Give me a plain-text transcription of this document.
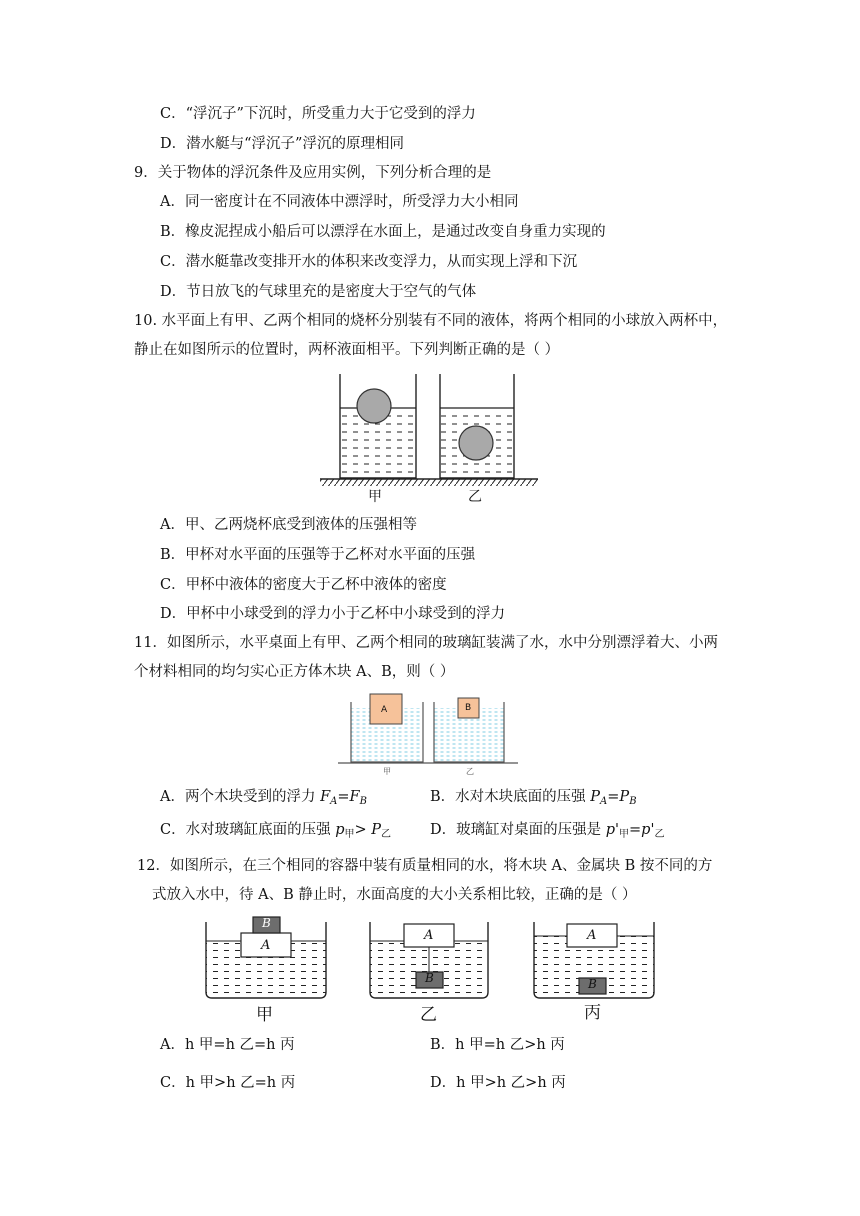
C．“浮沉子”下沉时，所受重力大于它受到的浮力
D．潜水艇与“浮沉子”浮沉的原理相同
9．关于物体的浮沉条件及应用实例，下列分析合理的是
A．同一密度计在不同液体中漂浮时，所受浮力大小相同
B．橡皮泥捏成小船后可以漂浮在水面上，是通过改变自身重力实现的
C．潜水艇靠改变排开水的体积来改变浮力，从而实现上浮和下沉
D．节日放飞的气球里充的是密度大于空气的气体
10. 水平面上有甲、乙两个相同的烧杯分别装有不同的液体，将两个相同的小球放入两杯中，
静止在如图所示的位置时，两杯液面相平。下列判断正确的是（ ）
甲	乙
A．甲、乙两烧杯底受到液体的压强相等
B．甲杯对水平面的压强等于乙杯对水平面的压强
C．甲杯中液体的密度大于乙杯中液体的密度
D．甲杯中小球受到的浮力小于乙杯中小球受到的浮力
11．如图所示，水平桌面上有甲、乙两个相同的玻璃缸装满了水，水中分别漂浮着大、小两
个材料相同的均匀实心正方体木块 A、B，则（ ）
A	B
甲	乙
A．两个木块受到的浮力 $F_A=F_B$	B．水对木块底面的压强 $P_A=P_B$
C．水对玻璃缸底面的压强 $p_甲> P_乙$	D．玻璃缸对桌面的压强是 $p'_甲=p'_乙$
12．如图所示，在三个相同的容器中装有质量相同的水，将木块 A、金属块 B 按不同的方
式放入水中，待 A、B 静止时，水面高度的大小关系相比较，正确的是（ ）
A
B
A
B
A
B
甲	乙	丙
A．h 甲=h 乙=h 丙	B．h 甲=h 乙>h 丙
C．h 甲>h 乙=h 丙	D．h 甲>h 乙>h 丙
